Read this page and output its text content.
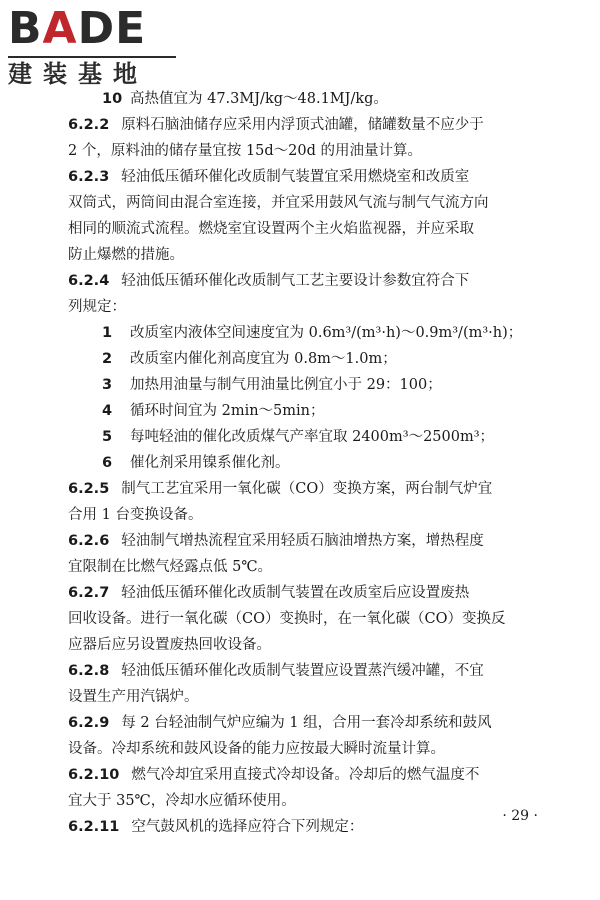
BADE
建装基地
10 高热值宜为 47.3MJ/kg～48.1MJ/kg。
6.2.2 原料石脑油储存应采用内浮顶式油罐，储罐数量不应少于
2 个，原料油的储存量宜按 15d～20d 的用油量计算。
6.2.3 轻油低压循环催化改质制气装置宜采用燃烧室和改质室
双筒式，两筒间由混合室连接，并宜采用鼓风气流与制气气流方向
相同的顺流式流程。燃烧室宜设置两个主火焰监视器，并应采取
防止爆燃的措施。
6.2.4 轻油低压循环催化改质制气工艺主要设计参数宜符合下
列规定：
1 改质室内液体空间速度宜为 0.6m³/(m³·h)～0.9m³/(m³·h)；
2 改质室内催化剂高度宜为 0.8m～1.0m；
3 加热用油量与制气用油量比例宜小于 29：100；
4 循环时间宜为 2min～5min；
5 每吨轻油的催化改质煤气产率宜取 2400m³～2500m³；
6 催化剂采用镍系催化剂。
6.2.5 制气工艺宜采用一氧化碳（CO）变换方案，两台制气炉宜
合用 1 台变换设备。
6.2.6 轻油制气增热流程宜采用轻质石脑油增热方案，增热程度
宜限制在比燃气烃露点低 5℃。
6.2.7 轻油低压循环催化改质制气装置在改质室后应设置废热
回收设备。进行一氧化碳（CO）变换时，在一氧化碳（CO）变换反
应器后应另设置废热回收设备。
6.2.8 轻油低压循环催化改质制气装置应设置蒸汽缓冲罐，不宜
设置生产用汽锅炉。
6.2.9 每 2 台轻油制气炉应编为 1 组，合用一套冷却系统和鼓风
设备。冷却系统和鼓风设备的能力应按最大瞬时流量计算。
6.2.10 燃气冷却宜采用直接式冷却设备。冷却后的燃气温度不
宜大于 35℃，冷却水应循环使用。
6.2.11 空气鼓风机的选择应符合下列规定：
· 29 ·
